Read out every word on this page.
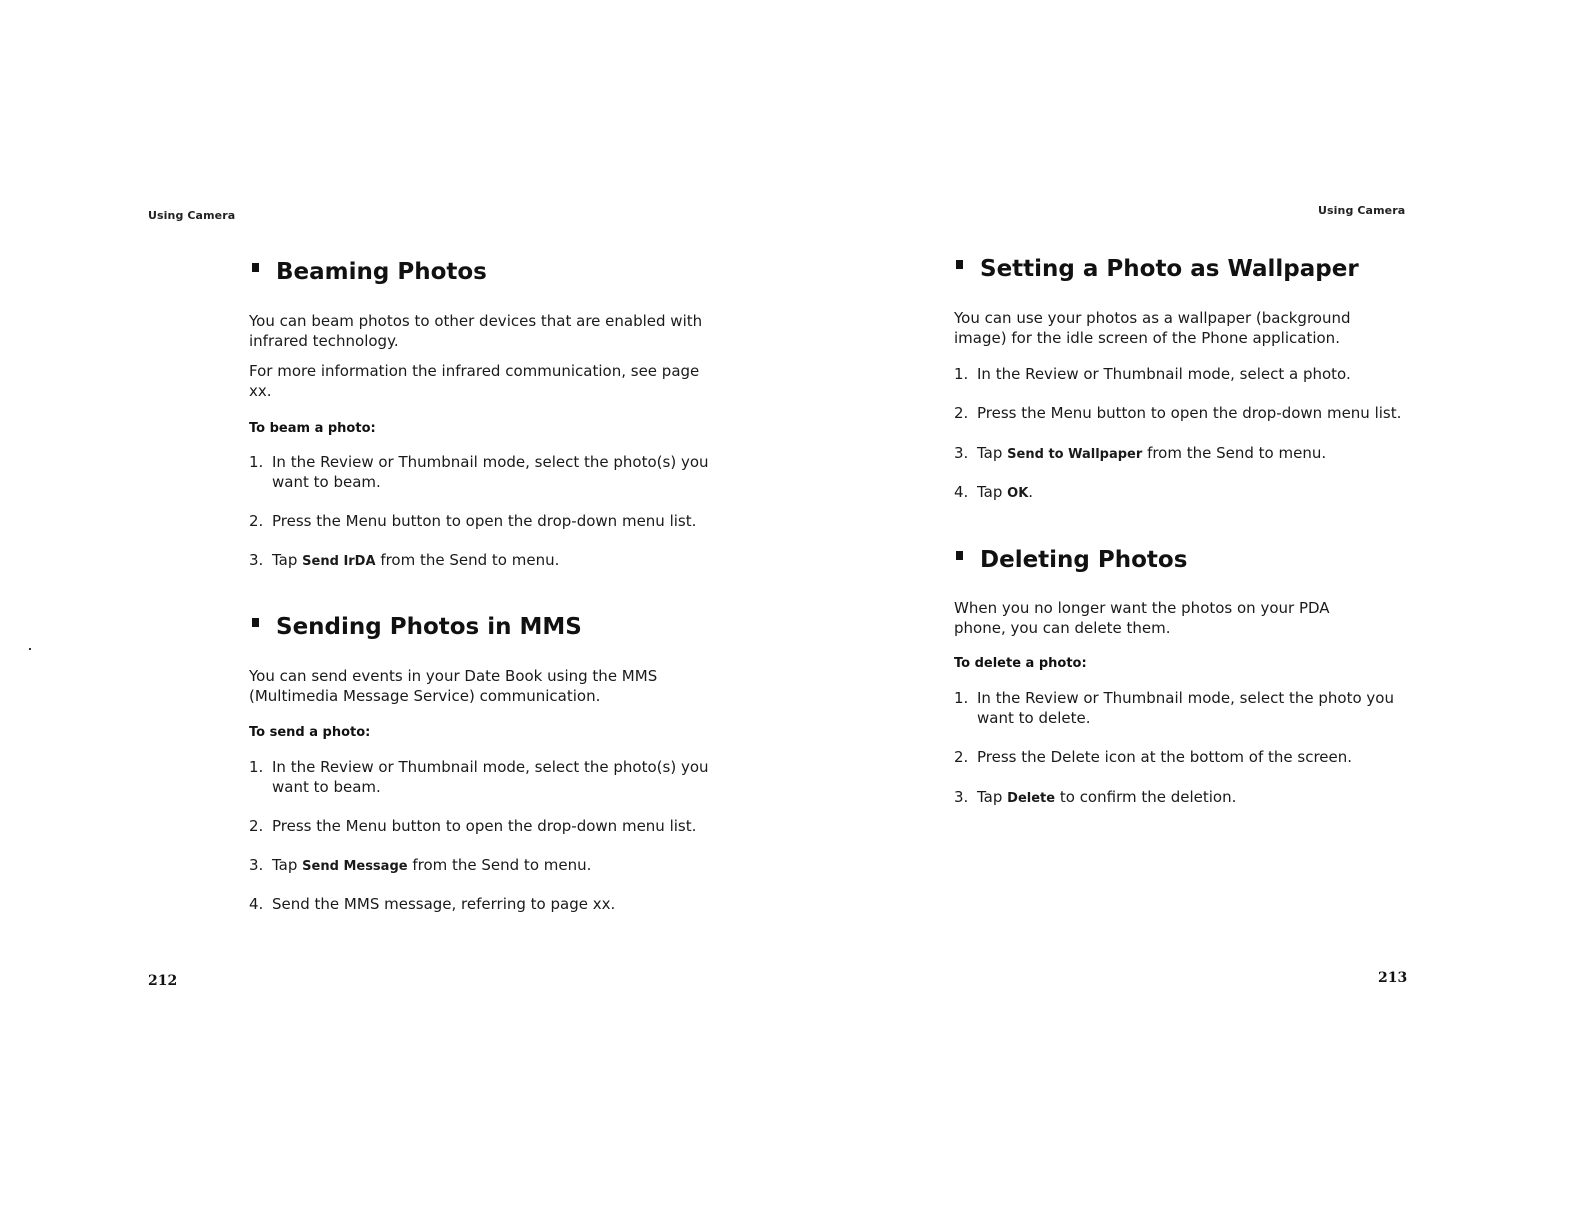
Using Camera
Beaming Photos

You can beam photos to other devices that are enabled with infrared technology.

For more information the infrared communication, see page xx.

To beam a photo:

1. In the Review or Thumbnail mode, select the photo(s) you want to beam.
2. Press the Menu button to open the drop-down menu list.
3. Tap Send IrDA from the Send to menu.
Sending Photos in MMS

You can send events in your Date Book using the MMS (Multimedia Message Service) communication.

To send a photo:

1. In the Review or Thumbnail mode, select the photo(s) you want to beam.
2. Press the Menu button to open the drop-down menu list.
3. Tap Send Message from the Send to menu.
4. Send the MMS message, referring to page xx.
212
Using Camera
Setting a Photo as Wallpaper

You can use your photos as a wallpaper (background image) for the idle screen of the Phone application.

1. In the Review or Thumbnail mode, select a photo.
2. Press the Menu button to open the drop-down menu list.
3. Tap Send to Wallpaper from the Send to menu.
4. Tap OK.
Deleting Photos

When you no longer want the photos on your PDA phone, you can delete them.

To delete a photo:

1. In the Review or Thumbnail mode, select the photo you want to delete.
2. Press the Delete icon at the bottom of the screen.
3. Tap Delete to confirm the deletion.
213
